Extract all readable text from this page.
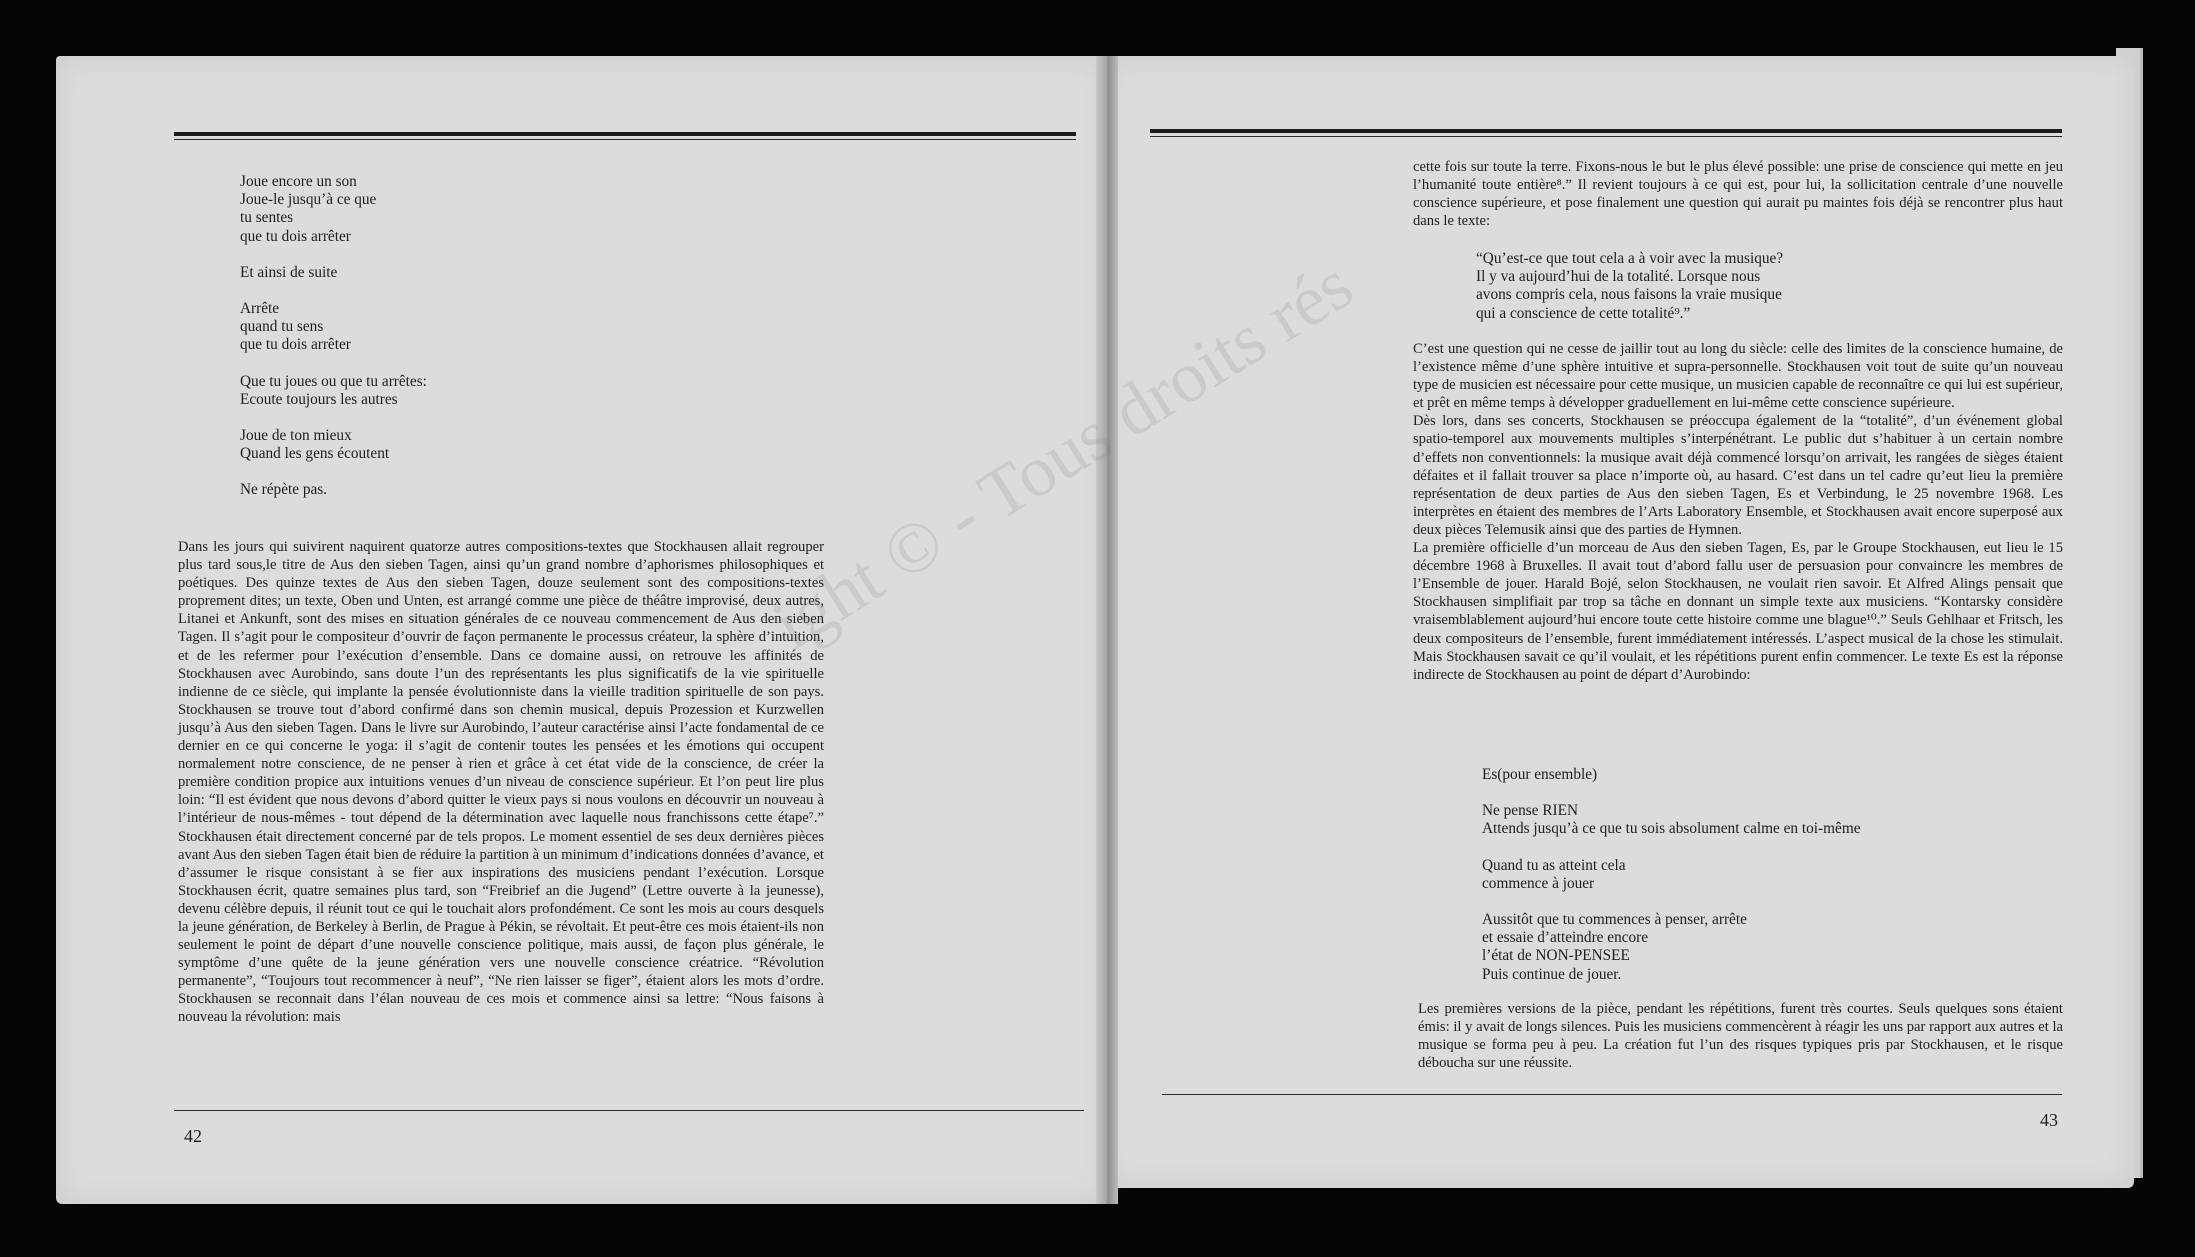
Joue encore un son
Joue-le jusqu’à ce que
tu sentes
que tu dois arrêter

Et ainsi de suite

Arrête
quand tu sens
que tu dois arrêter

Que tu joues ou que tu arrêtes:
Ecoute toujours les autres

Joue de ton mieux
Quand les gens écoutent

Ne répète pas.

Dans les jours qui suivirent naquirent quatorze autres compositions-textes que Stockhausen allait regrouper plus tard sous,le titre de Aus den sieben Tagen, ainsi qu’un grand nombre d’aphorismes philosophiques et poétiques. Des quinze textes de Aus den sieben Tagen, douze seulement sont des compositions-textes proprement dites; un texte, Oben und Unten, est arrangé comme une pièce de théâtre improvisé, deux autres, Litanei et Ankunft, sont des mises en situation générales de ce nouveau commencement de Aus den sieben Tagen. Il s’agit pour le compositeur d’ouvrir de façon permanente le processus créateur, la sphère d’intuition, et de les refermer pour l’exécution d’ensemble. Dans ce domaine aussi, on retrouve les affinités de Stockhausen avec Aurobindo, sans doute l’un des représentants les plus significatifs de la vie spirituelle indienne de ce siècle, qui implante la pensée évolutionniste dans la vieille tradition spirituelle de son pays. Stockhausen se trouve tout d’abord confirmé dans son chemin musical, depuis Prozession et Kurzwellen jusqu’à Aus den sieben Tagen. Dans le livre sur Aurobindo, l’auteur caractérise ainsi l’acte fondamental de ce dernier en ce qui concerne le yoga: il s’agit de contenir toutes les pensées et les émotions qui occupent normalement notre conscience, de ne penser à rien et grâce à cet état vide de la conscience, de créer la première condition propice aux intuitions venues d’un niveau de conscience supérieur. Et l’on peut lire plus loin: “Il est évident que nous devons d’abord quitter le vieux pays si nous voulons en découvrir un nouveau à l’intérieur de nous-mêmes - tout dépend de la détermination avec laquelle nous franchissons cette étape⁷.” Stockhausen était directement concerné par de tels propos. Le moment essentiel de ses deux dernières pièces avant Aus den sieben Tagen était bien de réduire la partition à un minimum d’indications données d’avance, et d’assumer le risque consistant à se fier aux inspirations des musiciens pendant l’exécution. Lorsque Stockhausen écrit, quatre semaines plus tard, son “Freibrief an die Jugend” (Lettre ouverte à la jeunesse), devenu célèbre depuis, il réunit tout ce qui le touchait alors profondément. Ce sont les mois au cours desquels la jeune génération, de Berkeley à Berlin, de Prague à Pékin, se révoltait. Et peut-être ces mois étaient-ils non seulement le point de départ d’une nouvelle conscience politique, mais aussi, de façon plus générale, le symptôme d’une quête de la jeune génération vers une nouvelle conscience créatrice. “Révolution permanente”, “Toujours tout recommencer à neuf”, “Ne rien laisser se figer”, étaient alors les mots d’ordre. Stockhausen se reconnait dans l’élan nouveau de ces mois et commence ainsi sa lettre: “Nous faisons à nouveau la révolution: mais

42

cette fois sur toute la terre. Fixons-nous le but le plus élevé possible: une prise de conscience qui mette en jeu l’humanité toute entière⁸.” Il revient toujours à ce qui est, pour lui, la sollicitation centrale d’une nouvelle conscience supérieure, et pose finalement une question qui aurait pu maintes fois déjà se rencontrer plus haut dans le texte:

“Qu’est-ce que tout cela a à voir avec la musique?
Il y va aujourd’hui de la totalité. Lorsque nous
avons compris cela, nous faisons la vraie musique
qui a conscience de cette totalité⁹.”

C’est une question qui ne cesse de jaillir tout au long du siècle: celle des limites de la conscience humaine, de l’existence même d’une sphère intuitive et supra-personnelle. Stockhausen voit tout de suite qu’un nouveau type de musicien est nécessaire pour cette musique, un musicien capable de reconnaître ce qui lui est supérieur, et prêt en même temps à développer graduellement en lui-même cette conscience supérieure.

Dès lors, dans ses concerts, Stockhausen se préoccupa également de la “totalité”, d’un événement global spatio-temporel aux mouvements multiples s’interpénétrant. Le public dut s’habituer à un certain nombre d’effets non conventionnels: la musique avait déjà commencé lorsqu’on arrivait, les rangées de sièges étaient défaites et il fallait trouver sa place n’importe où, au hasard. C’est dans un tel cadre qu’eut lieu la première représentation de deux parties de Aus den sieben Tagen, Es et Verbindung, le 25 novembre 1968. Les interprètes en étaient des membres de l’Arts Laboratory Ensemble, et Stockhausen avait encore superposé aux deux pièces Telemusik ainsi que des parties de Hymnen.

La première officielle d’un morceau de Aus den sieben Tagen, Es, par le Groupe Stockhausen, eut lieu le 15 décembre 1968 à Bruxelles. Il avait tout d’abord fallu user de persuasion pour convaincre les membres de l’Ensemble de jouer. Harald Bojé, selon Stockhausen, ne voulait rien savoir. Et Alfred Alings pensait que Stockhausen simplifiait par trop sa tâche en donnant un simple texte aux musiciens. “Kontarsky considère vraisemblablement aujourd’hui encore toute cette histoire comme une blague¹⁰.” Seuls Gehlhaar et Fritsch, les deux compositeurs de l’ensemble, furent immédiatement intéressés. L’aspect musical de la chose les stimulait. Mais Stockhausen savait ce qu’il voulait, et les répétitions purent enfin commencer. Le texte Es est la réponse indirecte de Stockhausen au point de départ d’Aurobindo:

Es(pour ensemble)

Ne pense RIEN
Attends jusqu’à ce que tu sois absolument calme en toi-même

Quand tu as atteint cela
commence à jouer

Aussitôt que tu commences à penser, arrête
et essaie d’atteindre encore
l’état de NON-PENSEE
Puis continue de jouer.

Les premières versions de la pièce, pendant les répétitions, furent très courtes. Seuls quelques sons étaient émis: il y avait de longs silences. Puis les musiciens commencèrent à réagir les uns par rapport aux autres et la musique se forma peu à peu. La création fut l’un des risques typiques pris par Stockhausen, et le risque déboucha sur une réussite.

43
